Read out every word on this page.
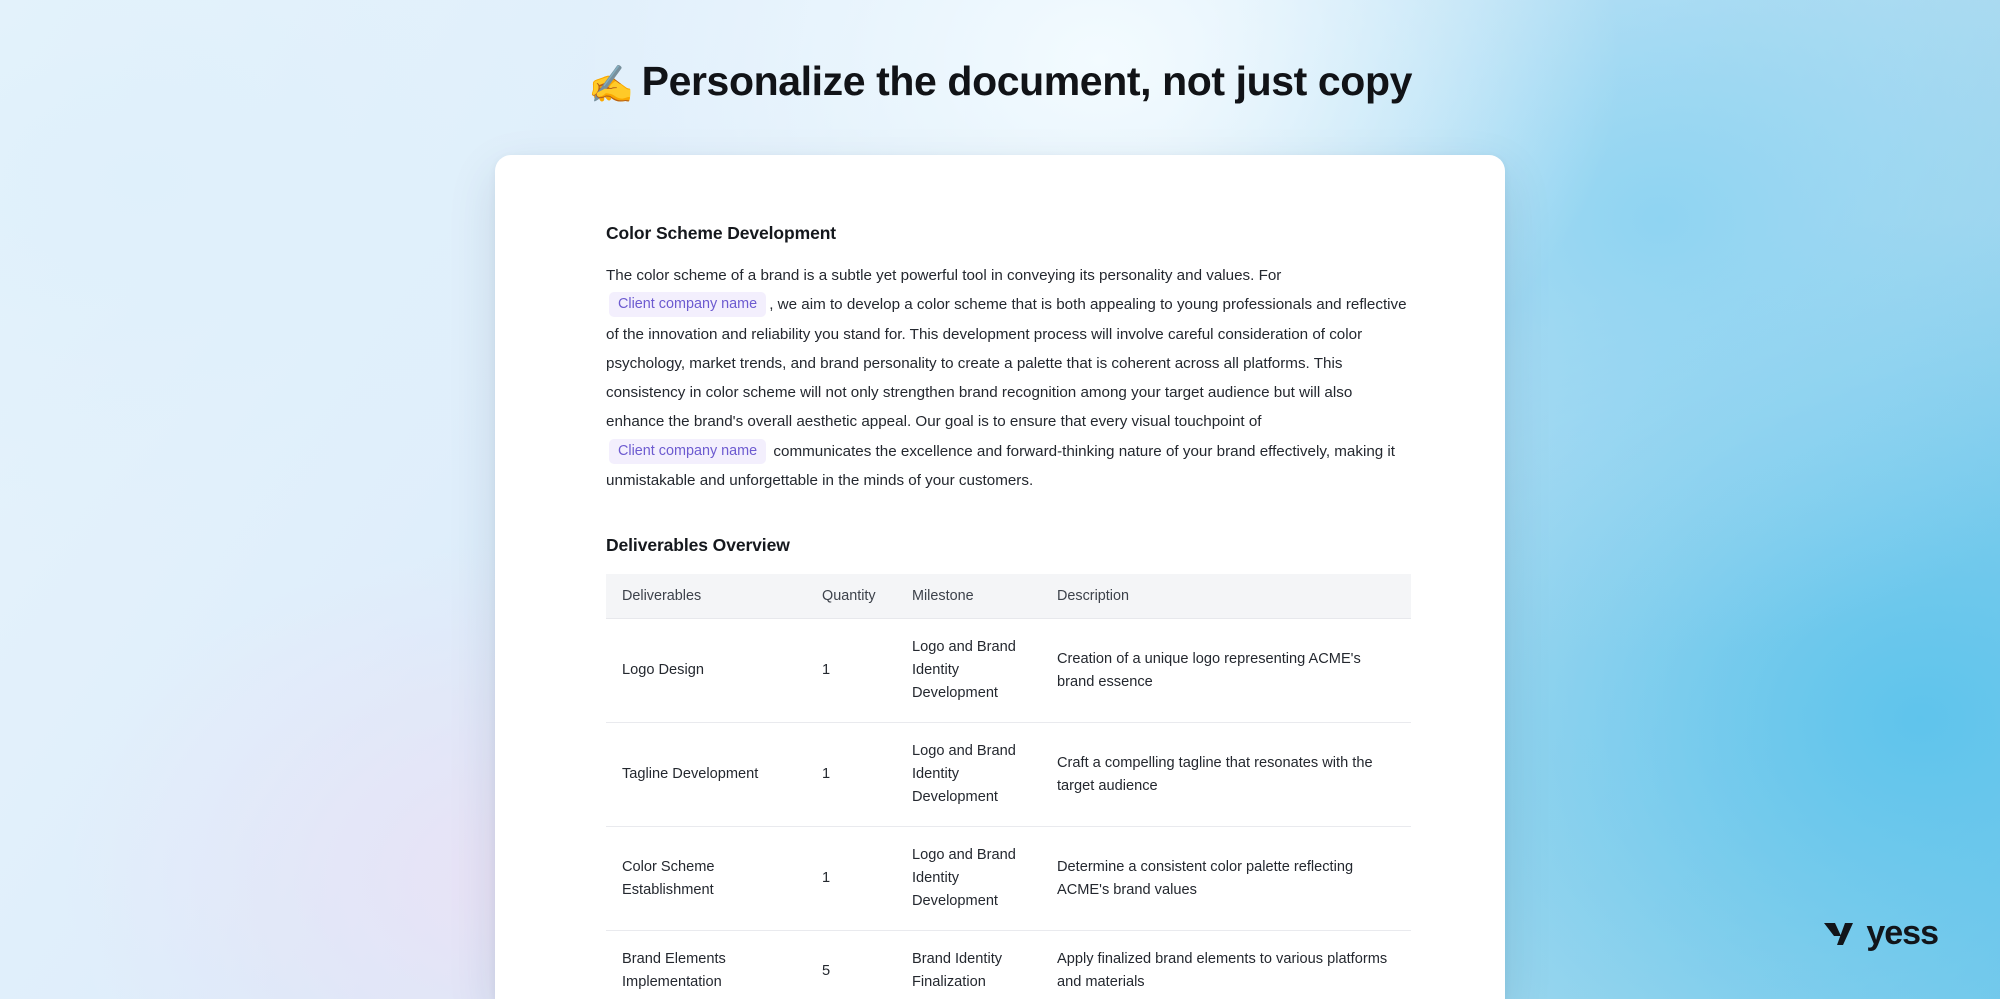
✍️ Personalize the document, not just copy
Color Scheme Development

The color scheme of a brand is a subtle yet powerful tool in conveying its personality and values. For Client company name , we aim to develop a color scheme that is both appealing to young professionals and reflective of the innovation and reliability you stand for. This development process will involve careful consideration of color psychology, market trends, and brand personality to create a palette that is coherent across all platforms. This consistency in color scheme will not only strengthen brand recognition among your target audience but will also enhance the brand's overall aesthetic appeal. Our goal is to ensure that every visual touchpoint of Client company name communicates the excellence and forward-thinking nature of your brand effectively, making it unmistakable and unforgettable in the minds of your customers.

Deliverables Overview
Deliverables	Quantity	Milestone	Description
Logo Design	1	Logo and Brand Identity Development	Creation of a unique logo representing ACME's brand essence
Tagline Development	1	Logo and Brand Identity Development	Craft a compelling tagline that resonates with the target audience
Color Scheme Establishment	1	Logo and Brand Identity Development	Determine a consistent color palette reflecting ACME's brand values
Brand Elements Implementation	5	Brand Identity Finalization	Apply finalized brand elements to various platforms and materials
yess
